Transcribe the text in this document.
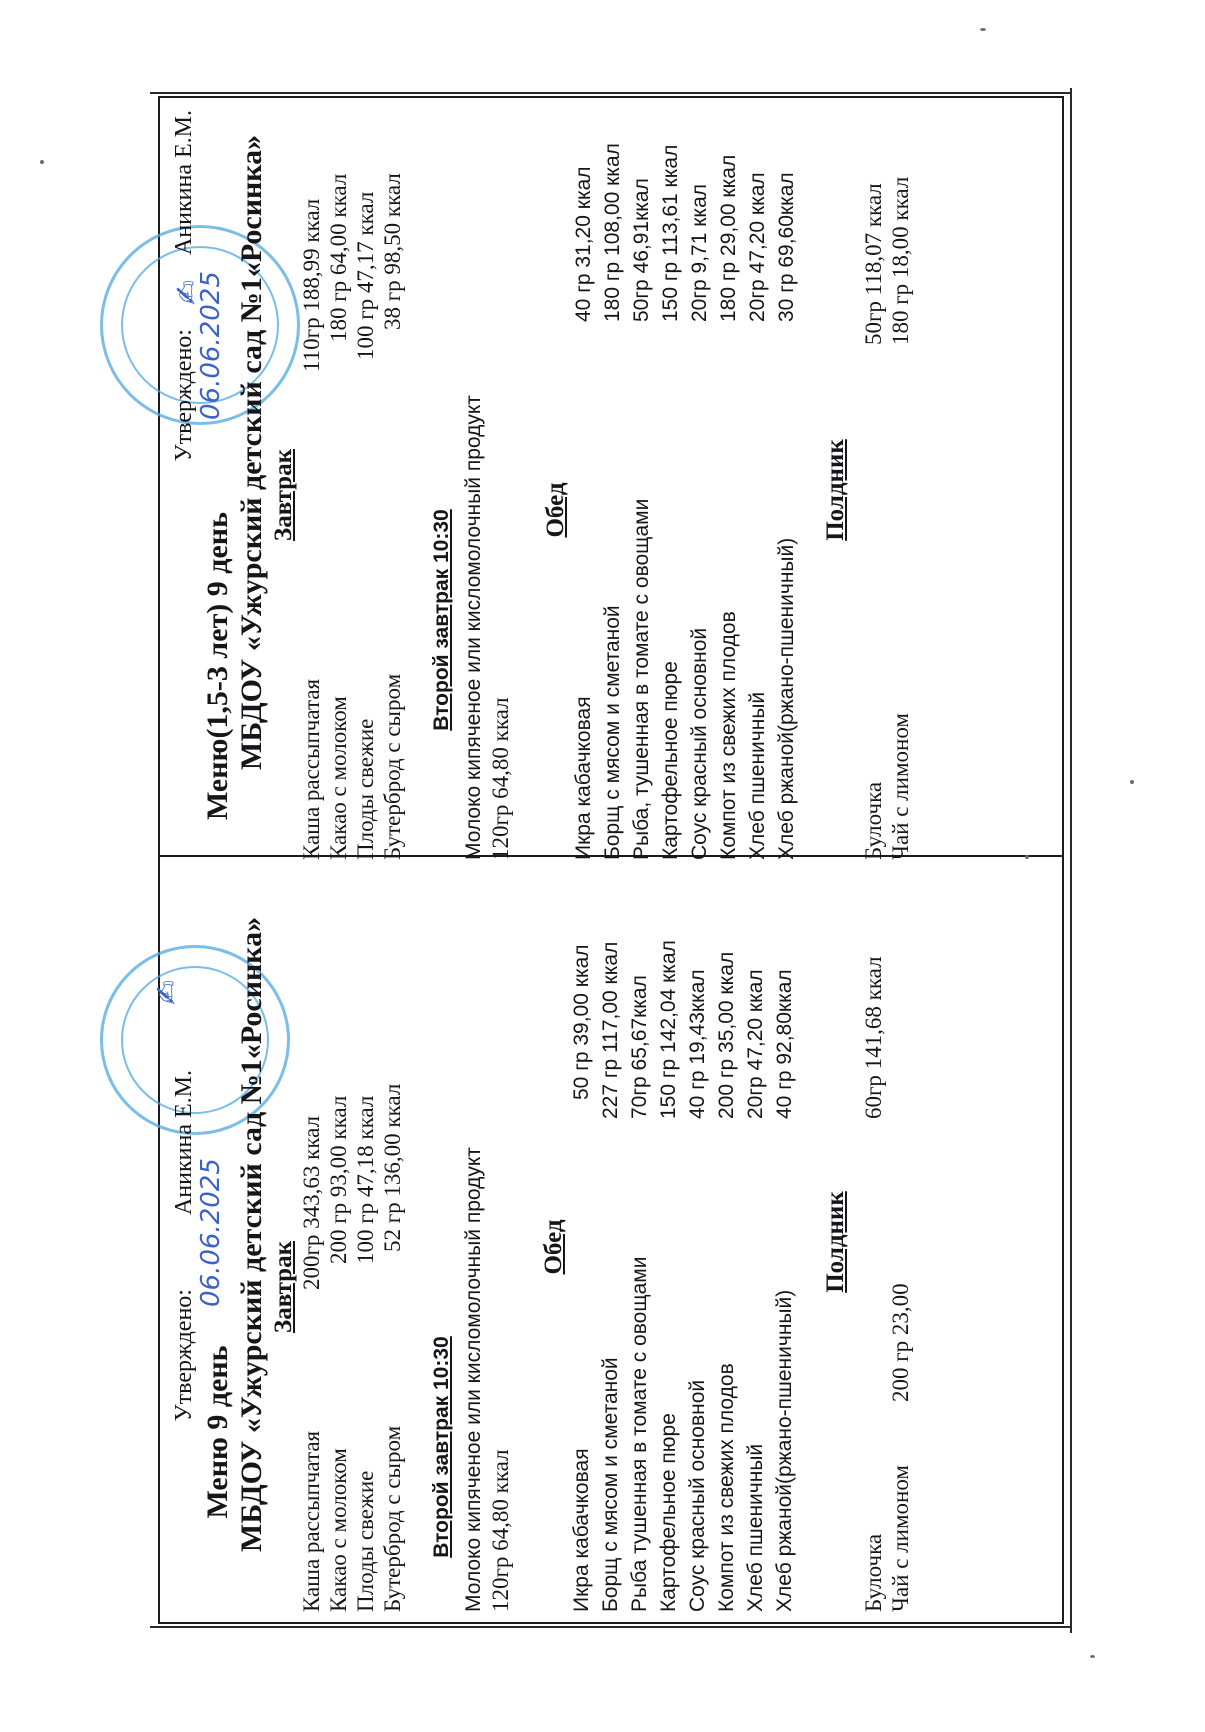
✍
✍
Утверждено:Аникина Е.М.
06.06.2025
Меню 9 день МБДОУ «Ужурский детский сад №1«Росинка» Завтрак
Каша рассыпчатая
200гр 343,63 ккал
Какао с молоком
200 гр 93,00 ккал
Плоды свежие
100 гр 47,18 ккал
Бутерброд с сыром
52 гр 136,00 ккал
Второй завтрак 10:30 Молоко кипяченое или кисломолочный продукт 120гр 64,80 ккал
Обед
Икра кабачковая
50 гр 39,00 ккал
Борщ с мясом и сметаной
227 гр 117,00 ккал
Рыба тушенная в томате с овощами
70гр 65,67ккал
Картофельное пюре
150 гр 142,04 ккал
Соус красный основной
40 гр 19,43ккал
Компот из свежих плодов
200 гр 35,00 ккал
Хлеб пшеничный
20гр 47,20 ккал
Хлеб ржаной(ржано-пшеничный)
40 гр 92,80ккал
Полдник
Булочка
60гр 141,68 ккал
Чай с лимоном
200 гр 23,00
Утверждено:Аникина Е.М.
06.06.2025
Меню(1,5-3 лет) 9 день МБДОУ «Ужурский детский сад №1«Росинка» Завтрак
Каша рассыпчатая
110гр 188,99 ккал
Какао с молоком
180 гр 64,00 ккал
Плоды свежие
100 гр 47,17 ккал
Бутерброд с сыром
38 гр 98,50 ккал
Второй завтрак 10:30 Молоко кипяченое или кисломолочный продукт 120гр 64,80 ккал
Обед
Икра кабачковая
40 гр 31,20 ккал
Борщ с мясом и сметаной
180 гр 108,00 ккал
Рыба, тушенная в томате с овощами
50гр 46,91ккал
Картофельное пюре
150 гр 113,61 ккал
Соус красный основной
20гр 9,71 ккал
Компот из свежих плодов
180 гр 29,00 ккал
Хлеб пшеничный
20гр 47,20 ккал
Хлеб ржаной(ржано-пшеничный)
30 гр 69,60ккал
Полдник
Булочка
50гр 118,07 ккал
Чай с лимоном
180 гр 18,00 ккал
